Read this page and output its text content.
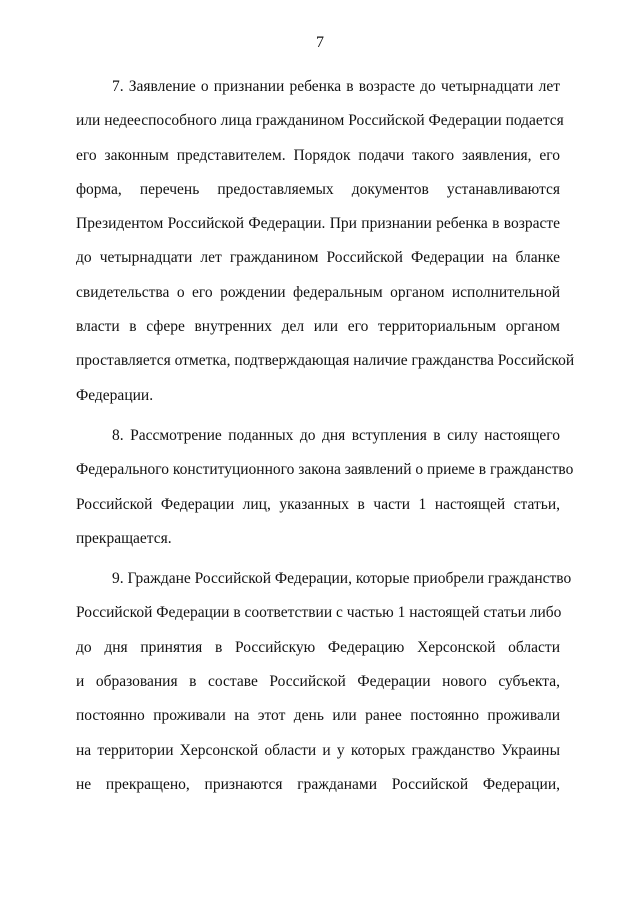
7

7. Заявление о признании ребенка в возрасте до четырнадцати лет
или недееспособного лица гражданином Российской Федерации подается
его законным представителем. Порядок подачи такого заявления, его
форма, перечень предоставляемых документов устанавливаются
Президентом Российской Федерации. При признании ребенка в возрасте
до четырнадцати лет гражданином Российской Федерации на бланке
свидетельства о его рождении федеральным органом исполнительной
власти в сфере внутренних дел или его территориальным органом
проставляется отметка, подтверждающая наличие гражданства Российской
Федерации.

8. Рассмотрение поданных до дня вступления в силу настоящего
Федерального конституционного закона заявлений о приеме в гражданство
Российской Федерации лиц, указанных в части 1 настоящей статьи,
прекращается.

9. Граждане Российской Федерации, которые приобрели гражданство
Российской Федерации в соответствии с частью 1 настоящей статьи либо
до дня принятия в Российскую Федерацию Херсонской области
и образования в составе Российской Федерации нового субъекта,
постоянно проживали на этот день или ранее постоянно проживали
на территории Херсонской области и у которых гражданство Украины
не прекращено, признаются гражданами Российской Федерации,
